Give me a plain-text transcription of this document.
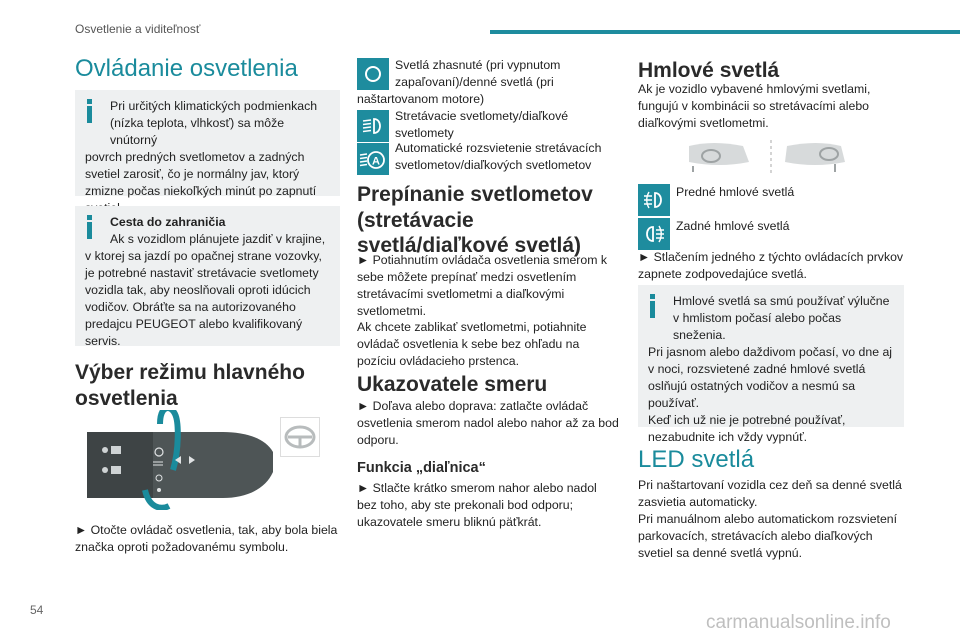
Osvetlenie a viditeľnosť
Ovládanie osvetlenia
Pri určitých klimatických podmienkach
(nízka teplota, vlhkosť) sa môže vnútorný
povrch predných svetlometov a zadných svetiel zarosiť, čo je normálny jav, ktorý zmizne počas niekoľkých minút po zapnutí
Cesta do zahraničia
Ak s vozidlom plánujete jazdiť v krajine,
v ktorej sa jazdí po opačnej strane vozovky, je potrebné nastaviť stretávacie svetlomety vozidla tak, aby neoslňovali oproti idúcich vodičov. Obráťte sa na autorizovaného predajcu PEUGEOT alebo kvalifikovaný servis.
Výber režimu hlavného osvetlenia
► Otočte ovládač osvetlenia, tak, aby bola biela značka oproti požadovanému symbolu.
Svetlá zhasnuté (pri vypnutom
zapaľovaní)/denné svetlá (pri
naštartovanom motore)
Stretávacie svetlomety/diaľkové
svetlomety
A
Automatické rozsvietenie stretávacích
svetlometov/diaľkových svetlometov
Prepínanie svetlometov (stretávacie svetlá/diaľkové svetlá)
► Potiahnutím ovládača osvetlenia smerom k sebe môžete prepínať medzi osvetlením stretávacími svetlometmi a diaľkovými svetlometmi.
Ak chcete zablikať svetlometmi, potiahnite ovládač osvetlenia k sebe bez ohľadu na pozíciu ovládacieho prstenca.
Ukazovatele smeru
► Doľava alebo doprava: zatlačte ovládač osvetlenia smerom nadol alebo nahor až za bod odporu.
Funkcia „diaľnica“
► Stlačte krátko smerom nahor alebo nadol bez toho, aby ste prekonali bod odporu; ukazovatele smeru bliknú päťkrát.
Hmlové svetlá
Ak je vozidlo vybavené hmlovými svetlami, fungujú v kombinácii so stretávacími alebo diaľkovými svetlometmi.
Predné hmlové svetlá
Zadné hmlové svetlá
► Stlačením jedného z týchto ovládacích prvkov zapnete zodpovedajúce svetlá.
Hmlové svetlá sa smú používať výlučne
v hmlistom počasí alebo počas sneženia.
Pri jasnom alebo daždivom počasí, vo dne aj v noci, rozsvietené zadné hmlové svetlá oslňujú ostatných vodičov a nesmú sa používať.
Keď ich už nie je potrebné používať, nezabudnite ich vždy vypnúť.
LED svetlá
Pri naštartovaní vozidla cez deň sa denné svetlá zasvietia automaticky.
Pri manuálnom alebo automatickom rozsvietení parkovacích, stretávacích alebo diaľkových svetiel sa denné svetlá vypnú.
54
carmanualsonline.info
